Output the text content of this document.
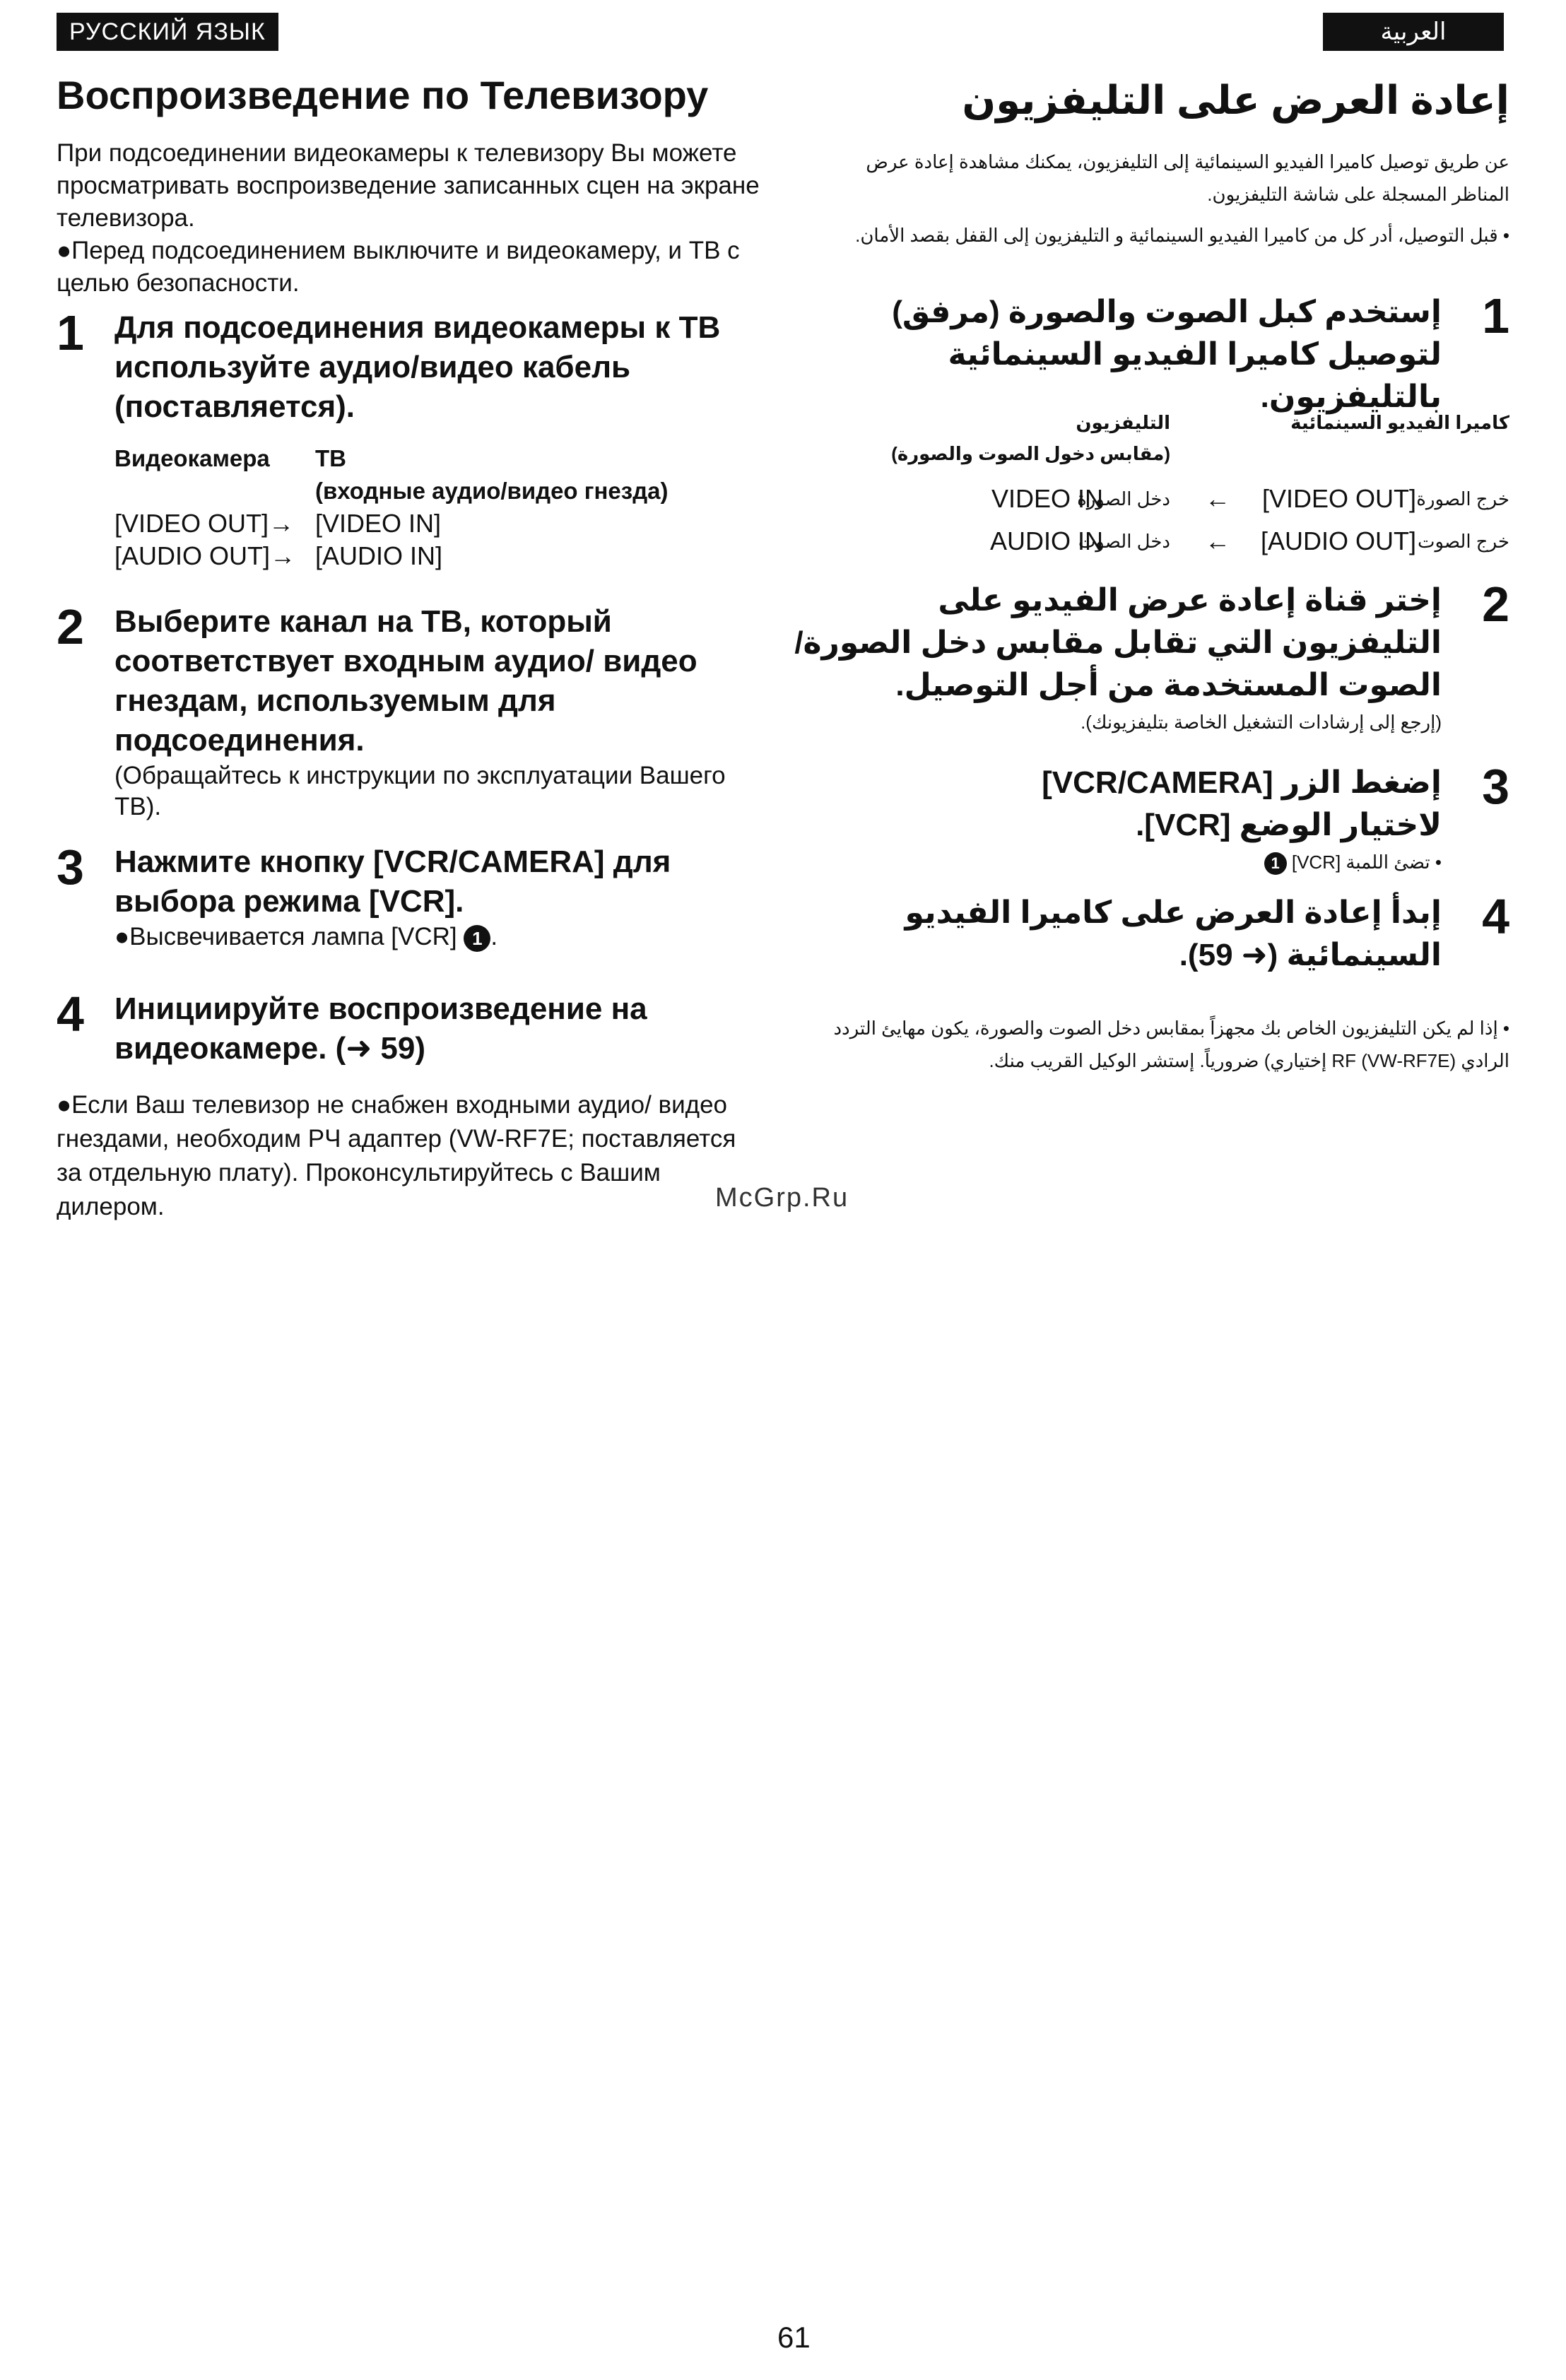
РУССКИЙ ЯЗЫК
Воспроизведение по Телевизору
При подсоединении видеокамеры к телевизору Вы можете просматривать воспроизведение записанных сцен на экране телевизора.
●Перед подсоединением выключите и видеокамеру, и ТВ с целью безопасности.
1 Для подсоединения видеокамеры к ТВ используйте аудио/видео кабель (поставляется).
Видеокамера ТВ
(входные аудио/видео гнезда)
[VIDEO OUT]→ [VIDEO IN]
[AUDIO OUT]→ [AUDIO IN]
2 Выберите канал на ТВ, который соответствует входным аудио/ видео гнездам, используемым для подсоединения.
(Обращайтесь к инструкции по эксплуатации Вашего ТВ).
3 Нажмите кнопку [VCR/CAMERA] для выбора режима [VCR].
●Высвечивается лампа [VCR] 1 .
4 Инициируйте воспроизведение на видеокамере. (➜ 59)
●Если Ваш телевизор не снабжен входными аудио/ видео гнездами, необходим РЧ адаптер (VW-RF7E; поставляется за отдельную плату). Проконсультируйтесь с Вашим дилером.
العربية
إعادة العرض على التليفزيون
عن طريق توصيل كاميرا الفيديو السينمائية إلى التليفزيون، يمكنك مشاهدة إعادة عرض المناظر المسجلة على شاشة التليفزيون.
• قبل التوصيل، أدر كل من كاميرا الفيديو السينمائية و التليفزيون إلى القفل بقصد الأمان.
1
إستخدم كبل الصوت والصورة (مرفق) لتوصيل كاميرا الفيديو السينمائية بالتليفزيون.
كاميرا الفيديو السينمائية
التليفزيون
(مقابس دخول الصوت والصورة)
خرج الصورة
[VIDEO OUT]
←
دخل الصورة
VIDEO IN
خرج الصوت
[AUDIO OUT]
←
دخل الصوت
AUDIO IN
2
إختر قناة إعادة عرض الفيديو على التليفزيون التي تقابل مقابس دخل الصورة/الصوت المستخدمة من أجل التوصيل.
(إرجع إلى إرشادات التشغيل الخاصة بتليفزيونك).
3
إضغط الزر [VCR/CAMERA] لاختيار الوضع [VCR].
• تضئ اللمبة [VCR] 1
4
إبدأ إعادة العرض على كاميرا الفيديو السينمائية (➜ 59).
• إذا لم يكن التليفزيون الخاص بك مجهزاً بمقابس دخل الصوت والصورة، يكون مهايئ التردد الرادي RF (VW-RF7E) إختياري) ضرورياً. إستشر الوكيل القريب منك.
McGrp.Ru
61
